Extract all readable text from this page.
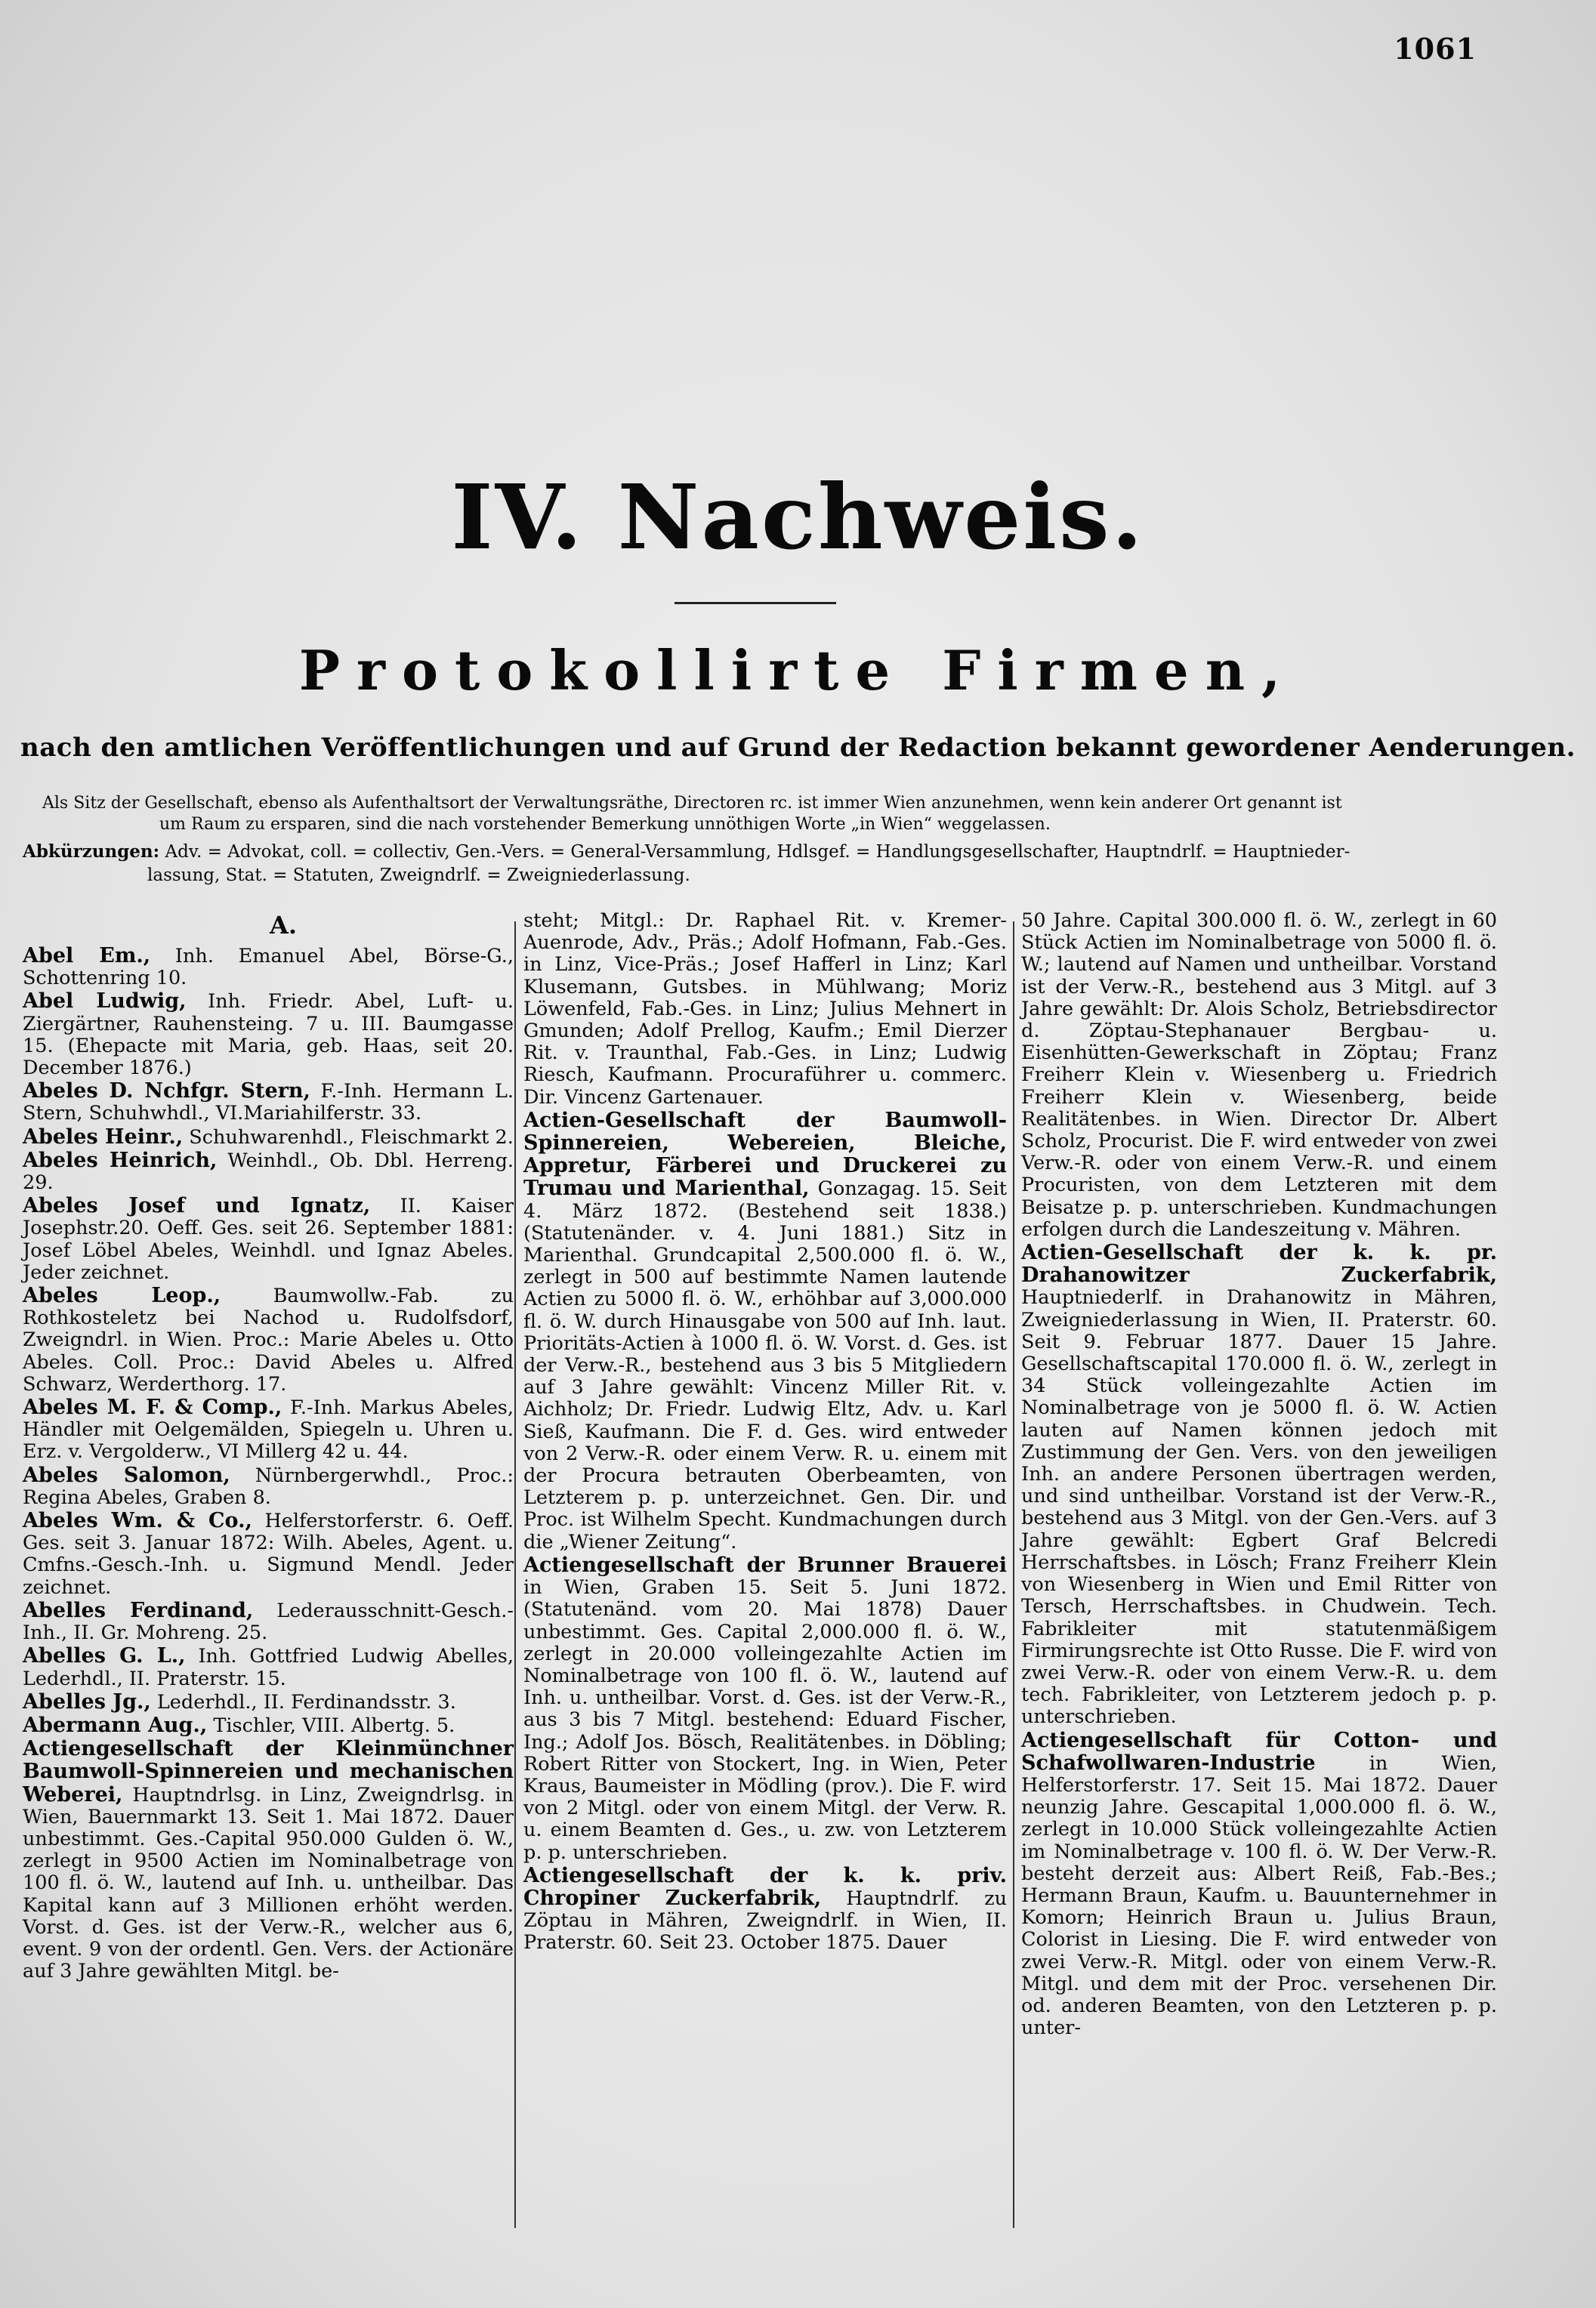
1061
IV. Nachweis.
Protokollirte Firmen,
nach den amtlichen Veröffentlichungen und auf Grund der Redaction bekannt gewordener Aenderungen.
Als Sitz der Gesellschaft, ebenso als Aufenthaltsort der Verwaltungsräthe, Directoren rc. ist immer Wien anzunehmen, wenn kein anderer Ort genannt ist
um Raum zu ersparen, sind die nach vorstehender Bemerkung unnöthigen Worte „in Wien“ weggelassen.
Abkürzungen: Adv. = Advokat, coll. = collectiv, Gen.-Vers. = General-Versammlung, Hdlsgef. = Handlungsgesellschafter, Hauptndrlf. = Hauptnieder-
lassung, Stat. = Statuten, Zweigndrlf. = Zweigniederlassung.
A.
Abel Em., Inh. Emanuel Abel, Börse-G., Schottenring 10.
Abel Ludwig, Inh. Friedr. Abel, Luft- u. Ziergärtner, Rauhensteing. 7 u. III. Baumgasse 15. (Ehepacte mit Maria, geb. Haas, seit 20. December 1876.)
Abeles D. Nchfgr. Stern, F.-Inh. Hermann L. Stern, Schuhwhdl., VI.Mariahilferstr. 33.
Abeles Heinr., Schuhwarenhdl., Fleischmarkt 2.
Abeles Heinrich, Weinhdl., Ob. Dbl. Herreng. 29.
Abeles Josef und Ignatz, II. Kaiser Josephstr.20. Oeff. Ges. seit 26. September 1881: Josef Löbel Abeles, Weinhdl. und Ignaz Abeles. Jeder zeichnet.
Abeles Leop.,	Baumwollw.-Fab. zu Rothkosteletz bei Nachod u. Rudolfsdorf, Zweigndrl. in Wien. Proc.: Marie Abeles u. Otto Abeles. Coll. Proc.: David Abeles u. Alfred Schwarz, Werderthorg. 17.
Abeles M. F. & Comp., F.-Inh. Markus Abeles, Händler mit Oelgemälden, Spiegeln u. Uhren u. Erz. v. Vergolderw., VI Millerg 42 u. 44.
Abeles Salomon, Nürnbergerwhdl., Proc.: Regina Abeles, Graben 8.
Abeles Wm. & Co., Helferstorferstr. 6. Oeff. Ges. seit 3. Januar 1872: Wilh. Abeles, Agent. u. Cmfns.-Gesch.-Inh. u. Sigmund Mendl. Jeder zeichnet.
Abelles Ferdinand, Lederausschnitt-Gesch.-Inh., II. Gr. Mohreng. 25.
Abelles G. L., Inh. Gottfried Ludwig Abelles, Lederhdl., II. Praterstr. 15.
Abelles Jg., Lederhdl., II. Ferdinandsstr. 3.
Abermann Aug., Tischler, VIII. Albertg. 5.
Actiengesellschaft der Kleinmünchner Baumwoll-Spinnereien und mechanischen Weberei, Hauptndrlsg. in Linz, Zweigndrlsg. in Wien, Bauernmarkt 13. Seit 1. Mai 1872. Dauer unbestimmt. Ges.-Capital 950.000 Gulden ö. W., zerlegt in 9500 Actien im Nominalbetrage von 100 fl. ö. W., lautend auf Inh. u. untheilbar. Das Kapital kann auf 3 Millionen erhöht werden. Vorst. d. Ges. ist der Verw.-R., welcher aus 6, event. 9 von der ordentl. Gen. Vers. der Actionäre auf 3 Jahre gewählten Mitgl. be-
steht; Mitgl.: Dr. Raphael Rit. v. Kremer-Auenrode, Adv., Präs.; Adolf Hofmann, Fab.-Ges. in Linz, Vice-Präs.; Josef Hafferl in Linz; Karl Klusemann, Gutsbes. in Mühlwang; Moriz Löwenfeld, Fab.-Ges. in Linz; Julius Mehnert in Gmunden; Adolf Prellog, Kaufm.; Emil Dierzer Rit. v. Traunthal, Fab.-Ges. in Linz; Ludwig Riesch, Kaufmann. Procuraführer u. commerc. Dir. Vincenz Gartenauer.
Actien-Gesellschaft der Baumwoll-Spinnereien, Webereien, Bleiche, Appretur, Färberei und Druckerei zu Trumau und Marienthal, Gonzagag. 15. Seit 4. März 1872. (Bestehend seit 1838.) (Statutenänder. v. 4. Juni 1881.) Sitz in Marienthal. Grundcapital 2,500.000 fl. ö. W., zerlegt in 500 auf bestimmte Namen lautende Actien zu 5000 fl. ö. W., erhöhbar auf 3,000.000 fl. ö. W. durch Hinausgabe von 500 auf Inh. laut. Prioritäts-Actien à 1000 fl. ö. W. Vorst. d. Ges. ist der Verw.-R., bestehend aus 3 bis 5 Mitgliedern auf 3 Jahre gewählt: Vincenz Miller Rit. v. Aichholz; Dr. Friedr. Ludwig Eltz, Adv. u. Karl Sieß, Kaufmann. Die F. d. Ges. wird entweder von 2 Verw.-R. oder einem Verw. R. u. einem mit der Procura betrauten Oberbeamten, von Letzterem p. p. unterzeichnet. Gen. Dir. und Proc. ist Wilhelm Specht. Kundmachungen durch die „Wiener Zeitung“.
Actiengesellschaft der Brunner Brauerei in Wien, Graben 15. Seit 5. Juni 1872. (Statutenänd. vom 20. Mai 1878) Dauer unbestimmt. Ges. Capital 2,000.000 fl. ö. W., zerlegt in 20.000 volleingezahlte Actien im Nominalbetrage von 100 fl. ö. W., lautend auf Inh. u. untheilbar. Vorst. d. Ges. ist der Verw.-R., aus 3 bis 7 Mitgl. bestehend: Eduard Fischer, Ing.; Adolf Jos. Bösch, Realitätenbes. in Döbling; Robert Ritter von Stockert, Ing. in Wien, Peter Kraus, Baumeister in Mödling (prov.). Die F. wird von 2 Mitgl. oder von einem Mitgl. der Verw. R. u. einem Beamten d. Ges., u. zw. von Letzterem p. p. unterschrieben.
Actiengesellschaft der k. k. priv. Chropiner Zuckerfabrik, Hauptndrlf. zu Zöptau in Mähren, Zweigndrlf. in Wien, II. Praterstr. 60. Seit 23. October 1875. Dauer
50 Jahre. Capital 300.000 fl. ö. W., zerlegt in 60 Stück Actien im Nominalbetrage von 5000 fl. ö. W.; lautend auf Namen und untheilbar. Vorstand ist der Verw.-R., bestehend aus 3 Mitgl. auf 3 Jahre gewählt: Dr. Alois Scholz, Betriebsdirector d. Zöptau-Stephanauer Bergbau- u. Eisenhütten-Gewerkschaft in Zöptau; Franz Freiherr Klein v. Wiesenberg u. Friedrich Freiherr Klein v. Wiesenberg, beide Realitätenbes. in Wien. Director Dr. Albert Scholz, Procurist. Die F. wird entweder von zwei Verw.-R. oder von einem Verw.-R. und einem Procuristen, von dem Letzteren mit dem Beisatze p. p. unterschrieben. Kundmachungen erfolgen durch die Landeszeitung v. Mähren.
Actien-Gesellschaft der k. k. pr. Drahanowitzer Zuckerfabrik, Hauptniederlf. in Drahanowitz in Mähren, Zweigniederlassung in Wien, II. Praterstr. 60. Seit 9. Februar 1877. Dauer 15 Jahre. Gesellschaftscapital 170.000 fl. ö. W., zerlegt in 34 Stück volleingezahlte Actien im Nominalbetrage von je 5000 fl. ö. W. Actien lauten auf Namen können jedoch mit Zustimmung der Gen. Vers. von den jeweiligen Inh. an andere Personen übertragen werden, und sind untheilbar. Vorstand ist der Verw.-R., bestehend aus 3 Mitgl. von der Gen.-Vers. auf 3 Jahre gewählt: Egbert Graf Belcredi Herrschaftsbes. in Lösch; Franz Freiherr Klein von Wiesenberg in Wien und Emil Ritter von Tersch, Herrschaftsbes. in Chudwein. Tech. Fabrikleiter mit statutenmäßigem Firmirungsrechte ist Otto Russe. Die F. wird von zwei Verw.-R. oder von einem Verw.-R. u. dem tech. Fabrikleiter, von Letzterem jedoch p. p. unterschrieben.
Actiengesellschaft für Cotton- und Schafwollwaren-Industrie	in Wien, Helferstorferstr. 17. Seit 15. Mai 1872. Dauer neunzig Jahre. Gescapital 1,000.000 fl. ö. W., zerlegt in 10.000 Stück volleingezahlte Actien im Nominalbetrage v. 100 fl. ö. W. Der Verw.-R. besteht derzeit aus: Albert Reiß, Fab.-Bes.; Hermann Braun, Kaufm. u. Bauunternehmer in Komorn; Heinrich Braun u. Julius Braun, Colorist in Liesing. Die F. wird entweder von zwei Verw.-R. Mitgl. oder von einem Verw.-R. Mitgl. und dem mit der Proc. versehenen Dir. od. anderen Beamten, von den Letzteren p. p. unter-
